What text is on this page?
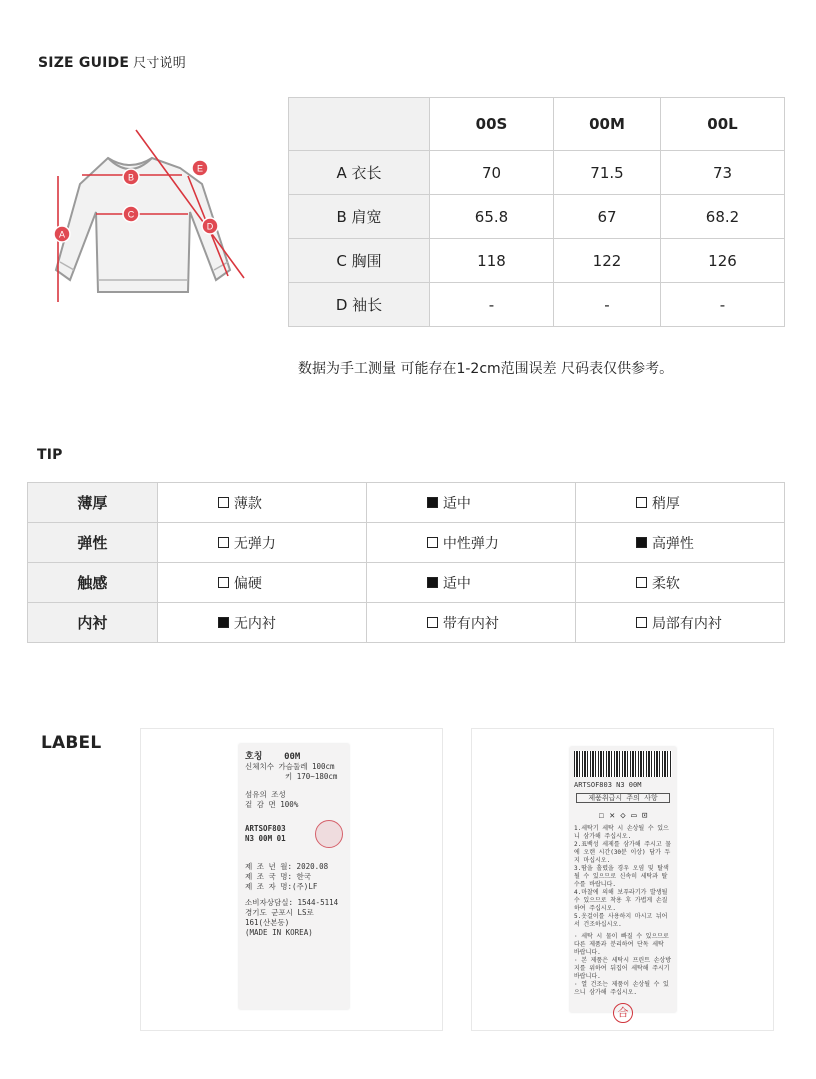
SIZE GUIDE 尺寸说明
A
B
C
D
E
	00S	00M	00L
A 衣长	70	71.5	73
B 肩宽	65.8	67	68.2
C 胸围	118	122	126
D 袖长	-	-	-
数据为手工测量 可能存在1-2cm范围误差 尺码表仅供参考。
TIP
薄厚	薄款	适中	稍厚

弹性	无弹力	中性弹力	高弹性

触感	偏硬	适中	柔软

内衬	无内衬	带有内衬	局部有内衬
LABEL
호칭 00M
신체치수 가슴둘레 100cm
키 170~180cm
섬유의 조성
겉 감 면 100%
ARTSOF803
N3 00M 01
제 조 년 월: 2020.08
제 조 국 명: 한국
제 조 자 명:(주)LF
소비자상담실: 1544-5114
경기도 군포시 LS로 161(산본동)
(MADE IN KOREA)
ARTSOF803 N3 00M
제품취급시 주의 사항
☐ ✕ ◇ ▭ ⊡
1.세탁기 세탁 시 손상될 수 있으니 삼가해 주십시오.
2.표백성 세제를 삼가해 주시고 물에 오랜 시간(30분 이상) 담가 두지 마십시오.
3.땀을 흘렸을 경우 오염 및 탈색될 수 있으므로 신속히 세탁과 탈수를 바랍니다.
4.마찰에 의해 보푸라기가 발생될 수 있으므로 착용 후 가볍게 손질하여 주십시오.
5.옷걸이를 사용하지 마시고 뉘어서 건조하십시오.
· 세탁 시 물이 빠질 수 있으므로 다른 제품과 분리하여 단독 세탁 바랍니다.
· 본 제품은 세탁시 프린트 손상방지를 위하여 뒤집어 세탁해 주시기 바랍니다.
· 열 건조는 제품이 손상될 수 있으니 삼가해 주십시오.
合
